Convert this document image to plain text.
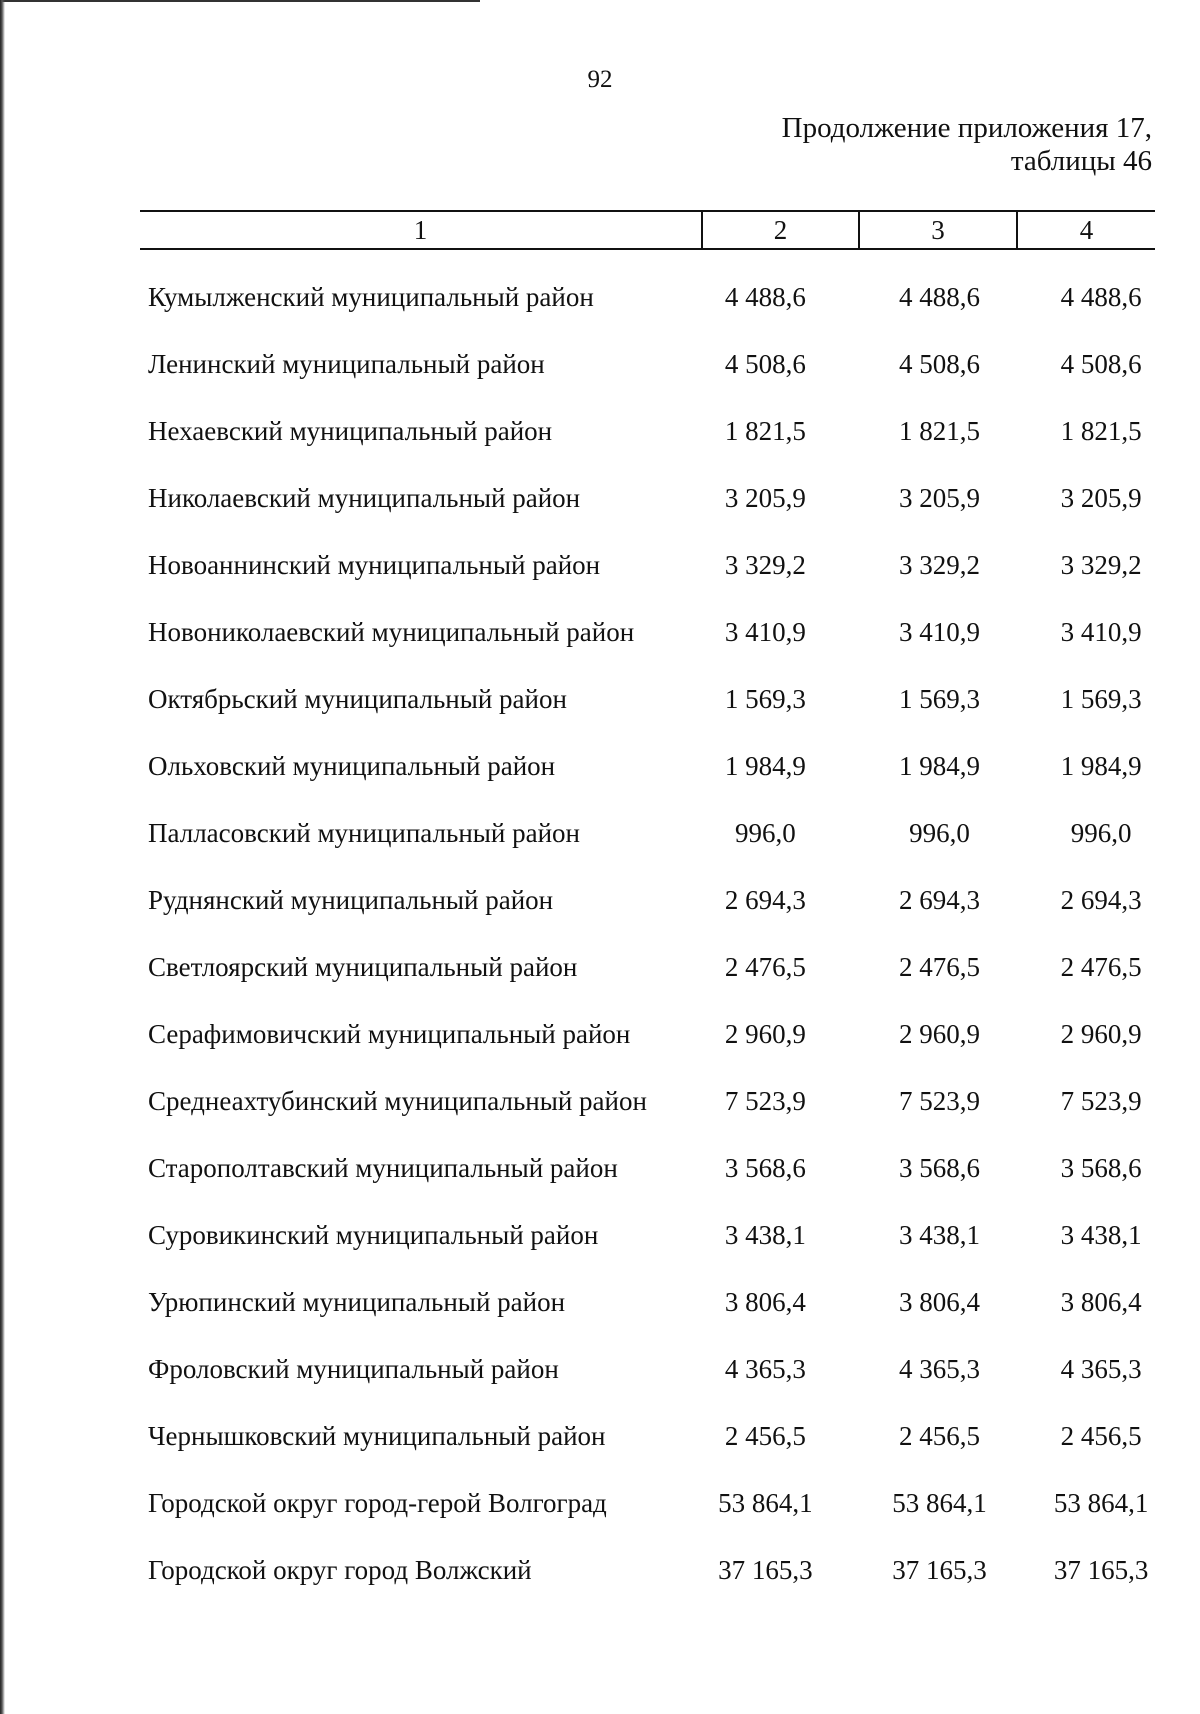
92
Продолжение приложения 17,
таблицы 46
1	2	3	4
Кумылженский муниципальный район	4 488,6	4 488,6	4 488,6
Ленинский муниципальный район	4 508,6	4 508,6	4 508,6
Нехаевский муниципальный район	1 821,5	1 821,5	1 821,5
Николаевский муниципальный район	3 205,9	3 205,9	3 205,9
Новоаннинский муниципальный район	3 329,2	3 329,2	3 329,2
Новониколаевский муниципальный район	3 410,9	3 410,9	3 410,9
Октябрьский муниципальный район	1 569,3	1 569,3	1 569,3
Ольховский муниципальный район	1 984,9	1 984,9	1 984,9
Палласовский муниципальный район	996,0	996,0	996,0
Руднянский муниципальный район	2 694,3	2 694,3	2 694,3
Светлоярский муниципальный район	2 476,5	2 476,5	2 476,5
Серафимовичский муниципальный район	2 960,9	2 960,9	2 960,9
Среднеахтубинский муниципальный район	7 523,9	7 523,9	7 523,9
Старополтавский муниципальный район	3 568,6	3 568,6	3 568,6
Суровикинский муниципальный район	3 438,1	3 438,1	3 438,1
Урюпинский муниципальный район	3 806,4	3 806,4	3 806,4
Фроловский муниципальный район	4 365,3	4 365,3	4 365,3
Чернышковский муниципальный район	2 456,5	2 456,5	2 456,5
Городской округ город-герой Волгоград	53 864,1	53 864,1	53 864,1
Городской округ город Волжский	37 165,3	37 165,3	37 165,3
